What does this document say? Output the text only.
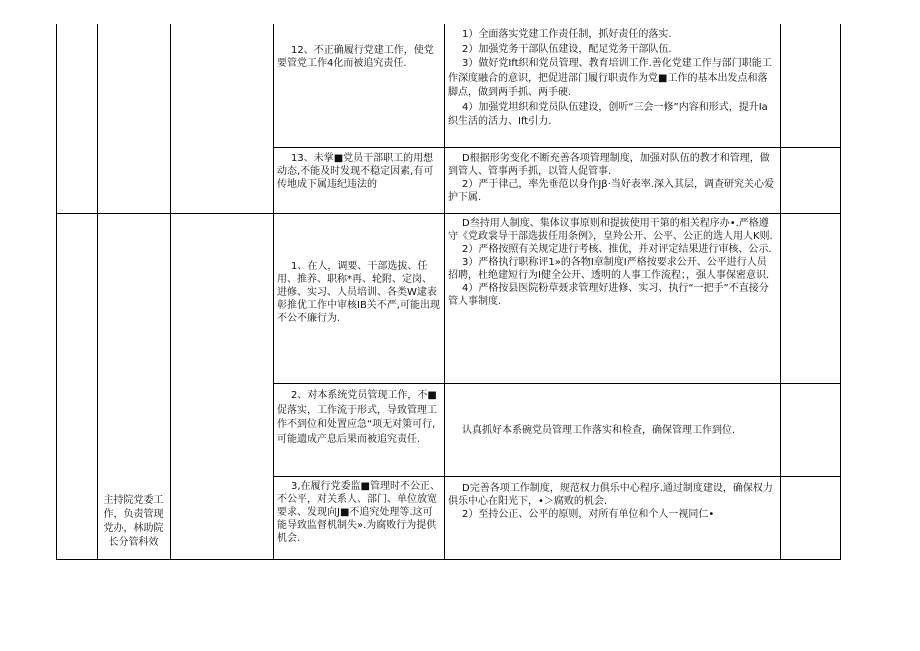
12、不正确履行党建工作，使党要管党工作4化而被追究责任.

1）全面落实党建工作责任制，抓好责任的落实.

2）加强党务干部队伍建设，配足党务干部队伍.

3）做好党Ift织和党员管理、教育培训工作.善化党建工作与部门职能工作深度融合的意识，把促进部门履行职责作为党■工作的基本出发点和落脚点，做到两手抓、两手硬.

4）加强党坦织和党员队伍建设，创听“三会一修”内容和形式，提升Ia织生活的活力、Ift引力.

13、未掌■党员干部职工的用想动态,不能及时发现不稳定因素,有可传地成下属违纪违法的

D根据形劣变化不断充善各项管理制度，加强对队伍的教才和管理，做到管人、管事两手抓，以管人促管事.

2）严于律己，率先垂范以身作Jβ·当好表率.深入其层，调查研究关心爱护下属.

1、在人，调要、干部选拔、任用、推养、职称*再、轮附、定岗、进修、实习、人员培训、各类W逮表彰推优工作中审核IB关不严,可能出现不公不廉行为.

D叁持用人制度、集体议事原则和提拔使用干第的相关程序办•.严格遵守《党政裳导干部选拔任用条例》，皇羚公开、公平、公正的选人用人K则.

2）严格按照有关规定进行考核、推优，并对评定结果进行审核、公示.

3）严格执行职称评1»的各物I章制度I严格按要求公开、公平进行人员招聘，杜绝建短行为I健全公开、透明的人事工作流程；，强人事保密意识.

4）严格按县医院粉草聂求管理好进修、实习、执行“一把手”不直接分管人事制度.

2、对本系统党员管现工作，不■促落实，工作流于形式，导致管理工作不到位和处置应急“项无对策可行,可能遗成产息后果而被追究责任.

认真抓好本系碗党员管理工作落实和检查，确保管理工作到位.

主持院党委工作，负责管现党办，林助院长分管科效

3,在履行党委监■管理时不公正、不公平，对关系人、部门、单位放宽要求、发现向J■不追究处理等.这可能导致监督机制失».为腐败行为提供机会.

D完善各项工作制度，规范权力俱乐中心程序.通过制度建设，确保权力俱乐中心在阳光下，•＞腐败的机会.

2）至持公正、公平的原则，对所有单位和个人一视同仁•
